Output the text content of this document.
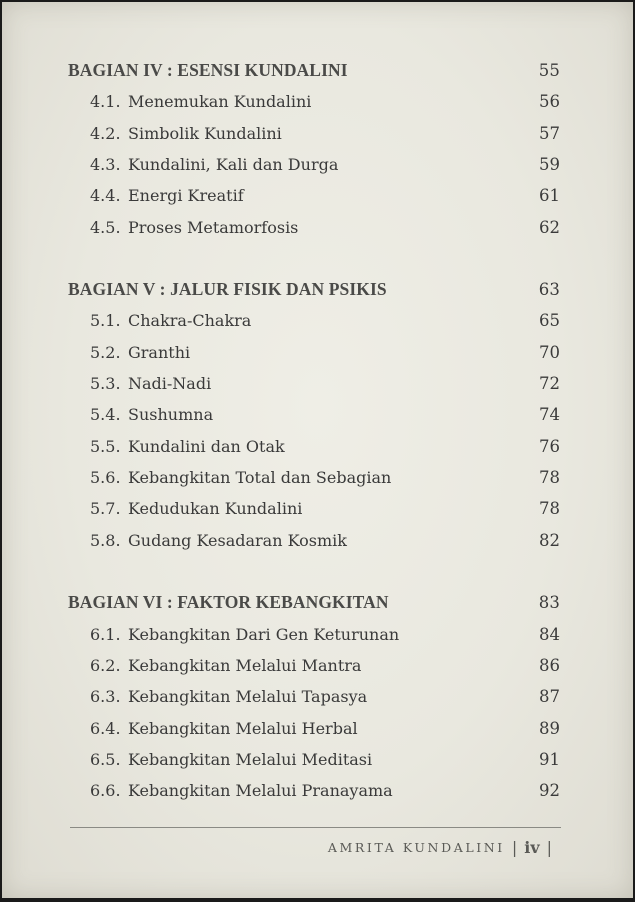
BAGIAN IV : ESENSI KUNDALINI	55
4.1. Menemukan Kundalini	56
4.2. Simbolik Kundalini	57
4.3. Kundalini, Kali dan Durga	59
4.4. Energi Kreatif	61
4.5. Proses Metamorfosis	62
BAGIAN V : JALUR FISIK DAN PSIKIS	63
5.1. Chakra-Chakra	65
5.2. Granthi	70
5.3. Nadi-Nadi	72
5.4. Sushumna	74
5.5. Kundalini dan Otak	76
5.6. Kebangkitan Total dan Sebagian	78
5.7. Kedudukan Kundalini	78
5.8. Gudang Kesadaran Kosmik	82
BAGIAN VI : FAKTOR KEBANGKITAN	83
6.1. Kebangkitan Dari Gen Keturunan	84
6.2. Kebangkitan Melalui Mantra	86
6.3. Kebangkitan Melalui Tapasya	87
6.4. Kebangkitan Melalui Herbal	89
6.5. Kebangkitan Melalui Meditasi	91
6.6. Kebangkitan Melalui Pranayama	92
AMRITA KUNDALINI | iv |
